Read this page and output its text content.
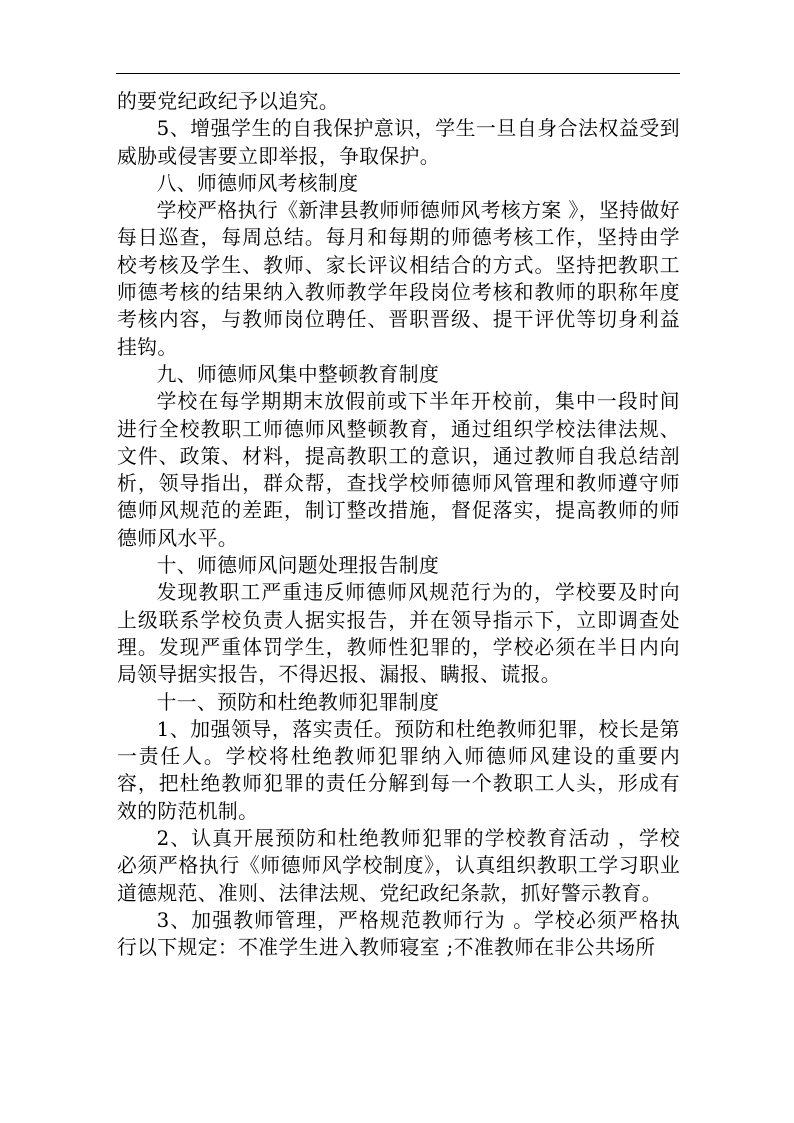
的要党纪政纪予以追究。

5、增强学生的自我保护意识，学生一旦自身合法权益受到威胁或侵害要立即举报，争取保护。

八、师德师风考核制度

学校严格执行《新津县教师师德师风考核方案 》，坚持做好每日巡查，每周总结。每月和每期的师德考核工作，坚持由学校考核及学生、教师、家长评议相结合的方式。坚持把教职工师德考核的结果纳入教师教学年段岗位考核和教师的职称年度考核内容，与教师岗位聘任、晋职晋级、提干评优等切身利益挂钩。

九、师德师风集中整顿教育制度

学校在每学期期末放假前或下半年开校前，集中一段时间进行全校教职工师德师风整顿教育，通过组织学校法律法规、文件、政策、材料，提高教职工的意识，通过教师自我总结剖析，领导指出，群众帮，查找学校师德师风管理和教师遵守师德师风规范的差距，制订整改措施，督促落实，提高教师的师德师风水平。

十、师德师风问题处理报告制度

发现教职工严重违反师德师风规范行为的，学校要及时向上级联系学校负责人据实报告，并在领导指示下，立即调查处理。发现严重体罚学生，教师性犯罪的，学校必须在半日内向局领导据实报告，不得迟报、漏报、瞒报、谎报。

十一、预防和杜绝教师犯罪制度

1、加强领导，落实责任。预防和杜绝教师犯罪，校长是第一责任人。学校将杜绝教师犯罪纳入师德师风建设的重要内容，把杜绝教师犯罪的责任分解到每一个教职工人头，形成有效的防范机制。

2、认真开展预防和杜绝教师犯罪的学校教育活动 ，学校必须严格执行《师德师风学校制度》，认真组织教职工学习职业道德规范、准则、法律法规、党纪政纪条款，抓好警示教育。

3、加强教师管理，严格规范教师行为 。学校必须严格执行以下规定：不准学生进入教师寝室 ;不准教师在非公共场所
